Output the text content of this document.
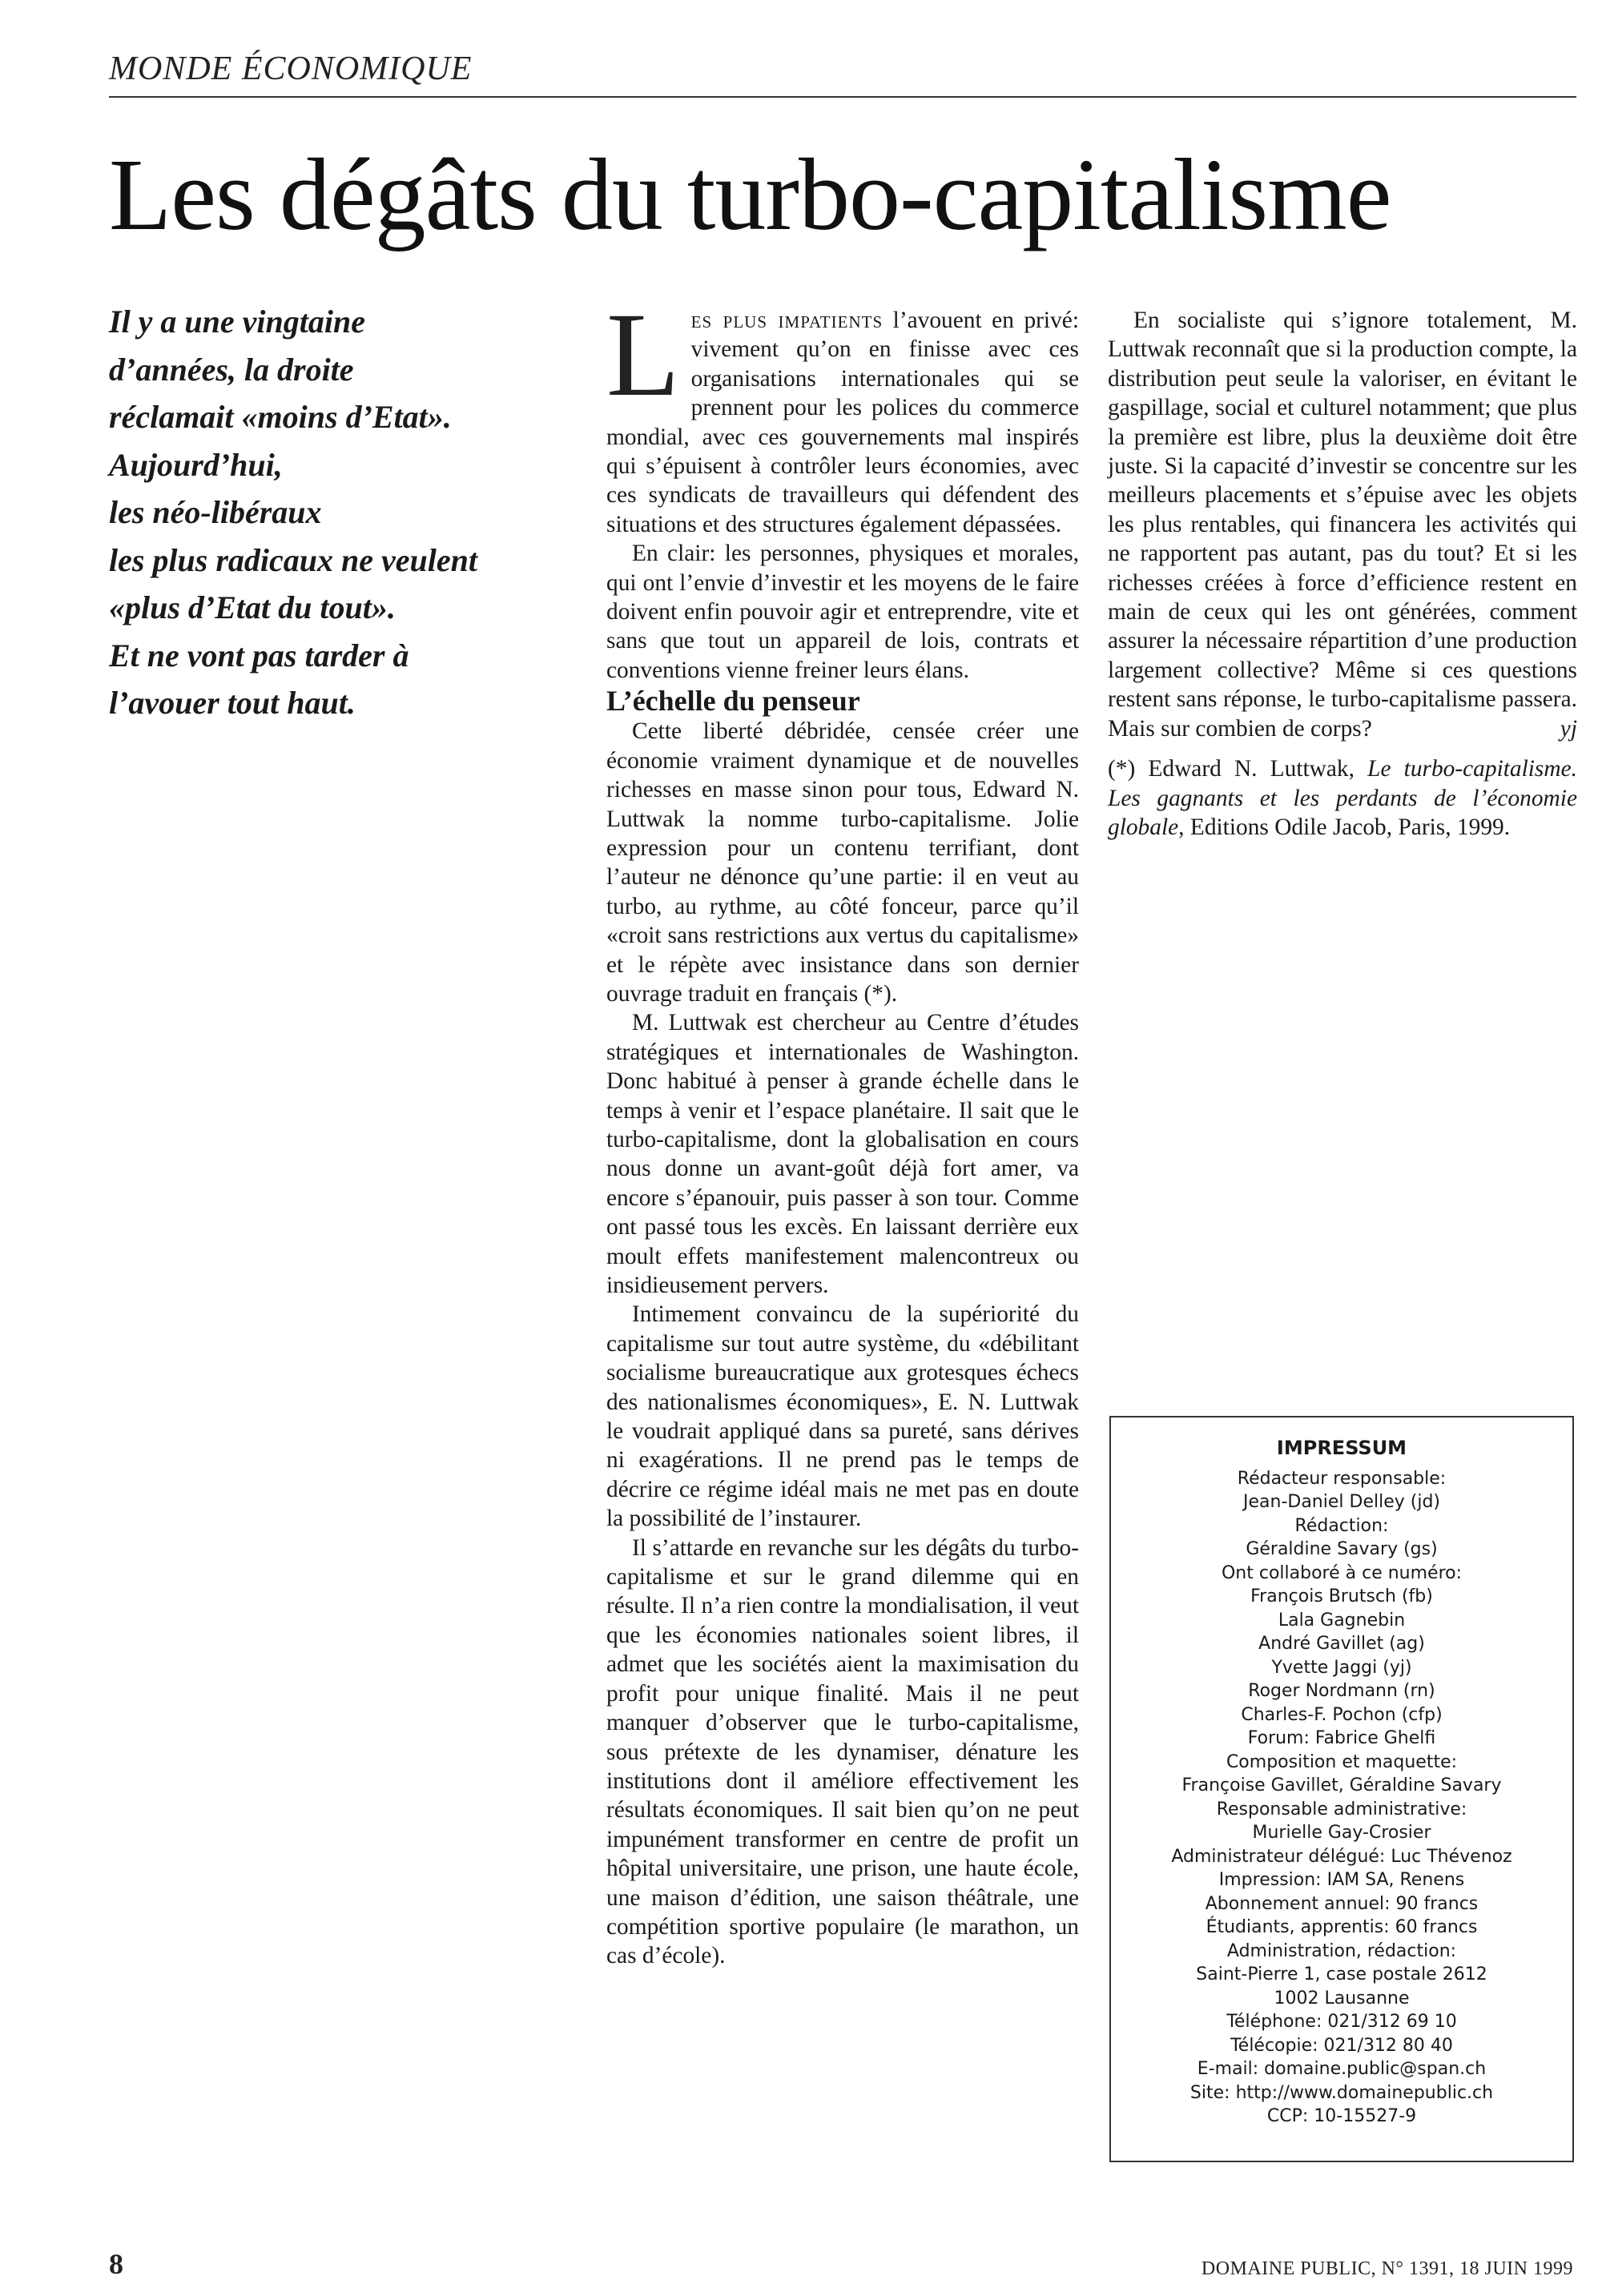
MONDE ÉCONOMIQUE
Les dégâts du turbo-capitalisme
Il y a une vingtaine
d’années, la droite
réclamait «moins d’Etat».
Aujourd’hui,
les néo-libéraux
les plus radicaux ne veulent
«plus d’Etat du tout».
Et ne vont pas tarder à
l’avouer tout haut.

Les plus impatients l’avouent en privé: vivement qu’on en finisse avec ces organisations internationales qui se prennent pour les polices du commerce mondial, avec ces gouvernements mal inspirés qui s’épuisent à contrôler leurs économies, avec ces syndicats de travailleurs qui défendent des situations et des structures également dépassées.

En clair: les personnes, physiques et morales, qui ont l’envie d’investir et les moyens de le faire doivent enfin pouvoir agir et entreprendre, vite et sans que tout un appareil de lois, contrats et conventions vienne freiner leurs élans.

L’échelle du penseur

Cette liberté débridée, censée créer une économie vraiment dynamique et de nouvelles richesses en masse sinon pour tous, Edward N. Luttwak la nomme turbo-capitalisme. Jolie expression pour un contenu terrifiant, dont l’auteur ne dénonce qu’une partie: il en veut au turbo, au rythme, au côté fonceur, parce qu’il «croit sans restrictions aux vertus du capitalisme» et le répète avec insistance dans son dernier ouvrage traduit en français (*).

M. Luttwak est chercheur au Centre d’études stratégiques et internationales de Washington. Donc habitué à penser à grande échelle dans le temps à venir et l’espace planétaire. Il sait que le turbo-capitalisme, dont la globalisation en cours nous donne un avant-goût déjà fort amer, va encore s’épanouir, puis passer à son tour. Comme ont passé tous les excès. En laissant derrière eux moult effets manifestement malencontreux ou insidieusement pervers.

Intimement convaincu de la supériorité du capitalisme sur tout autre système, du «débilitant socialisme bureaucratique aux grotesques échecs des nationalismes économiques», E. N. Luttwak le voudrait appliqué dans sa pureté, sans dérives ni exagérations. Il ne prend pas le temps de décrire ce régime idéal mais ne met pas en doute la possibilité de l’instaurer.

Il s’attarde en revanche sur les dégâts du turbo-capitalisme et sur le grand dilemme qui en résulte. Il n’a rien contre la mondialisation, il veut que les économies nationales soient libres, il admet que les sociétés aient la maximisation du profit pour unique finalité. Mais il ne peut manquer d’observer que le turbo-capitalisme, sous prétexte de les dynamiser, dénature les institutions dont il améliore effectivement les résultats économiques. Il sait bien qu’on ne peut impunément transformer en centre de profit un hôpital universitaire, une prison, une haute école, une maison d’édition, une saison théâtrale, une compétition sportive populaire (le marathon, un cas d’école).

En socialiste qui s’ignore totalement, M. Luttwak reconnaît que si la production compte, la distribution peut seule la valoriser, en évitant le gaspillage, social et culturel notamment; que plus la première est libre, plus la deuxième doit être juste. Si la capacité d’investir se concentre sur les meilleurs placements et s’épuise avec les objets les plus rentables, qui financera les activités qui ne rapportent pas autant, pas du tout? Et si les richesses créées à force d’efficience restent en main de ceux qui les ont générées, comment assurer la nécessaire répartition d’une production largement collective? Même si ces questions restent sans réponse, le turbo-capitalisme passera. Mais sur combien de corps?	yj

(*) Edward N. Luttwak, Le turbo-capitalisme. Les gagnants et les perdants de l’économie globale, Editions Odile Jacob, Paris, 1999.

IMPRESSUM
Rédacteur responsable:
Jean-Daniel Delley (jd)
Rédaction:
Géraldine Savary (gs)
Ont collaboré à ce numéro:
François Brutsch (fb)
Lala Gagnebin
André Gavillet (ag)
Yvette Jaggi (yj)
Roger Nordmann (rn)
Charles-F. Pochon (cfp)
Forum: Fabrice Ghelfi
Composition et maquette:
Françoise Gavillet, Géraldine Savary
Responsable administrative:
Murielle Gay-Crosier
Administrateur délégué: Luc Thévenoz
Impression: IAM SA, Renens
Abonnement annuel: 90 francs
Étudiants, apprentis: 60 francs
Administration, rédaction:
Saint-Pierre 1, case postale 2612
1002 Lausanne
Téléphone: 021/312 69 10
Télécopie: 021/312 80 40
E-mail: domaine.public@span.ch
Site: http://www.domainepublic.ch
CCP: 10-15527-9
8	DOMAINE PUBLIC, N° 1391, 18 JUIN 1999
